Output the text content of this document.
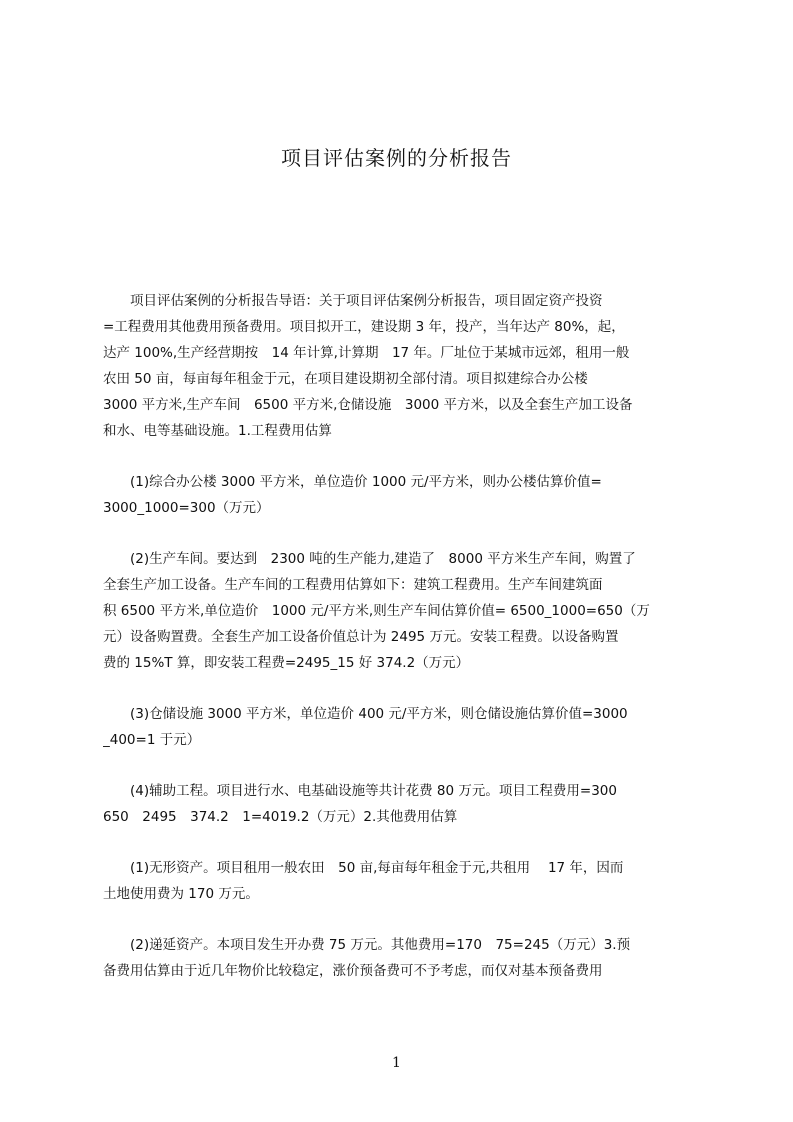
项目评估案例的分析报告

　　项目评估案例的分析报告导语：关于项目评估案例分析报告，项目固定资产投资
=工程费用其他费用预备费用。项目拟开工，建设期 3 年，投产，当年达产 80%，起，
达产 100%,生产经营期按　14 年计算,计算期　17 年。厂址位于某城市远郊，租用一般
农田 50 亩，每亩每年租金于元，在项目建设期初全部付清。项目拟建综合办公楼
3000 平方米,生产车间　6500 平方米,仓储设施　3000 平方米，以及全套生产加工设备
和水、电等基础设施。1.工程费用估算

　　(1)综合办公楼 3000 平方米，单位造价 1000 元/平方米，则办公楼估算价值=
3000_1000=300（万元）

　　(2)生产车间。要达到　2300 吨的生产能力,建造了　8000 平方米生产车间，购置了
全套生产加工设备。生产车间的工程费用估算如下：建筑工程费用。生产车间建筑面
积 6500 平方米,单位造价　1000 元/平方米,则生产车间估算价值= 6500_1000=650（万
元）设备购置费。全套生产加工设备价值总计为 2495 万元。安装工程费。以设备购置
费的 15%T 算，即安装工程费=2495_15 好 374.2（万元）

　　(3)仓储设施 3000 平方米，单位造价 400 元/平方米，则仓储设施估算价值=3000
_400=1 于元）

　　(4)辅助工程。项目进行水、电基础设施等共计花费 80 万元。项目工程费用=300
650　2495　374.2　1=4019.2（万元）2.其他费用估算

　　(1)无形资产。项目租用一般农田　50 亩,每亩每年租金于元,共租用　 17 年，因而
土地使用费为 170 万元。

　　(2)递延资产。本项目发生开办费 75 万元。其他费用=170　75=245（万元）3.预
备费用估算由于近几年物价比较稳定，涨价预备费可不予考虑，而仅对基本预备费用

1
